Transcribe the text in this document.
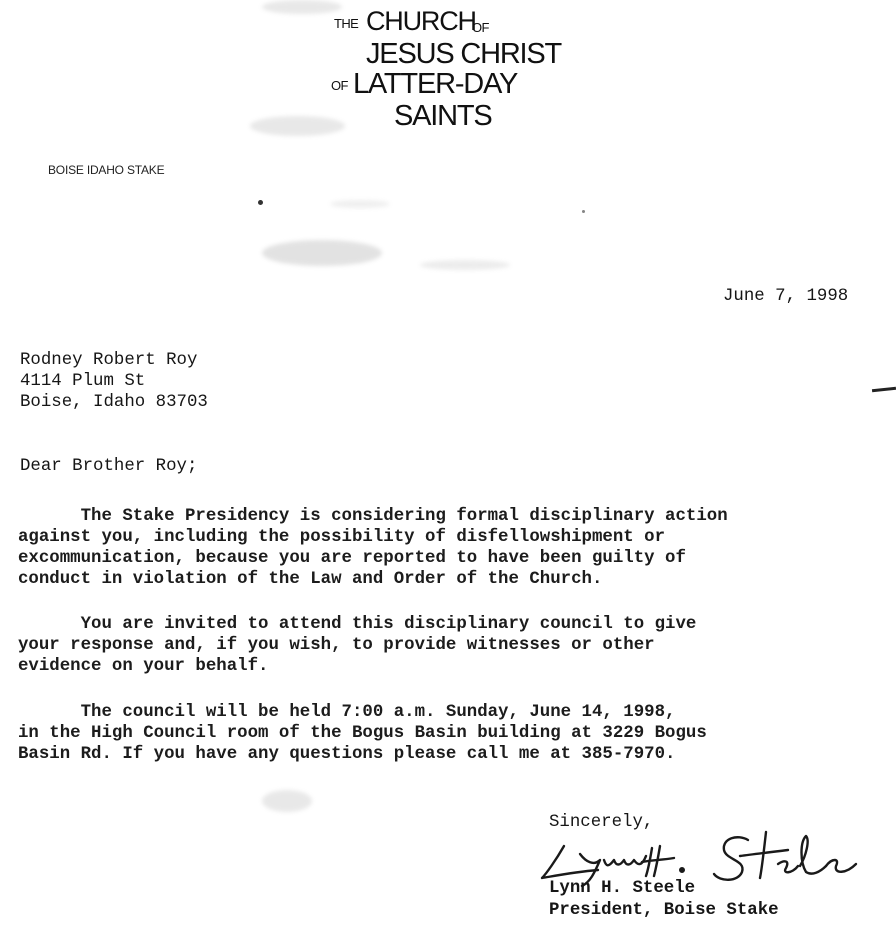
THE CHURCH
OF
JESUS CHRIST
OF LATTER-DAY
SAINTS
BOISE IDAHO STAKE
June 7, 1998
Rodney Robert Roy
4114 Plum St
Boise, Idaho 83703
Dear Brother Roy;
The Stake Presidency is considering formal disciplinary action
against you, including the possibility of disfellowshipment or
excommunication, because you are reported to have been guilty of
conduct in violation of the Law and Order of the Church.
You are invited to attend this disciplinary council to give
your response and, if you wish, to provide witnesses or other
evidence on your behalf.
The council will be held 7:00 a.m. Sunday, June 14, 1998,
in the High Council room of the Bogus Basin building at 3229 Bogus
Basin Rd. If you have any questions please call me at 385-7970.
Sincerely,
Lynn H. Steele
President, Boise Stake
